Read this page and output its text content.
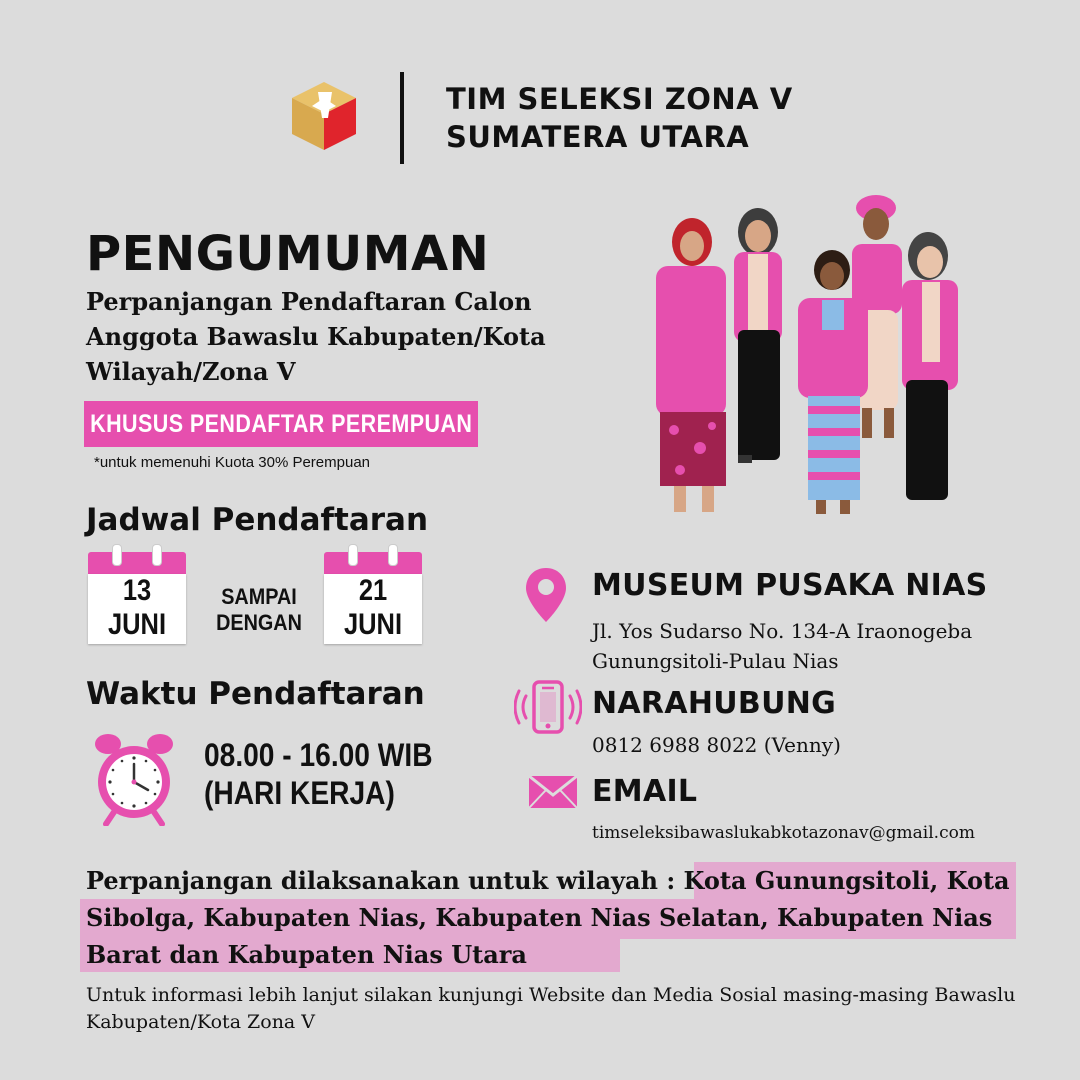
TIM SELEKSI ZONA V
SUMATERA UTARA
PENGUMUMAN
Perpanjangan Pendaftaran Calon
Anggota Bawaslu Kabupaten/Kota
Wilayah/Zona V
KHUSUS PENDAFTAR PEREMPUAN
*untuk memenuhi Kuota 30% Perempuan
Jadwal Pendaftaran
13
JUNI
SAMPAI
DENGAN
21
JUNI
Waktu Pendaftaran
08.00 - 16.00 WIB
(HARI KERJA)
MUSEUM PUSAKA NIAS
Jl. Yos Sudarso No. 134-A Iraonogeba
Gunungsitoli-Pulau Nias
NARAHUBUNG
0812 6988 8022 (Venny)
EMAIL
timseleksibawaslukabkotazonav@gmail.com
Perpanjangan dilaksanakan untuk wilayah : Kota Gunungsitoli, Kota Sibolga, Kabupaten Nias, Kabupaten Nias Selatan, Kabupaten Nias Barat dan Kabupaten Nias Utara
Untuk informasi lebih lanjut silakan kunjungi Website dan Media Sosial masing-masing Bawaslu Kabupaten/Kota Zona V
